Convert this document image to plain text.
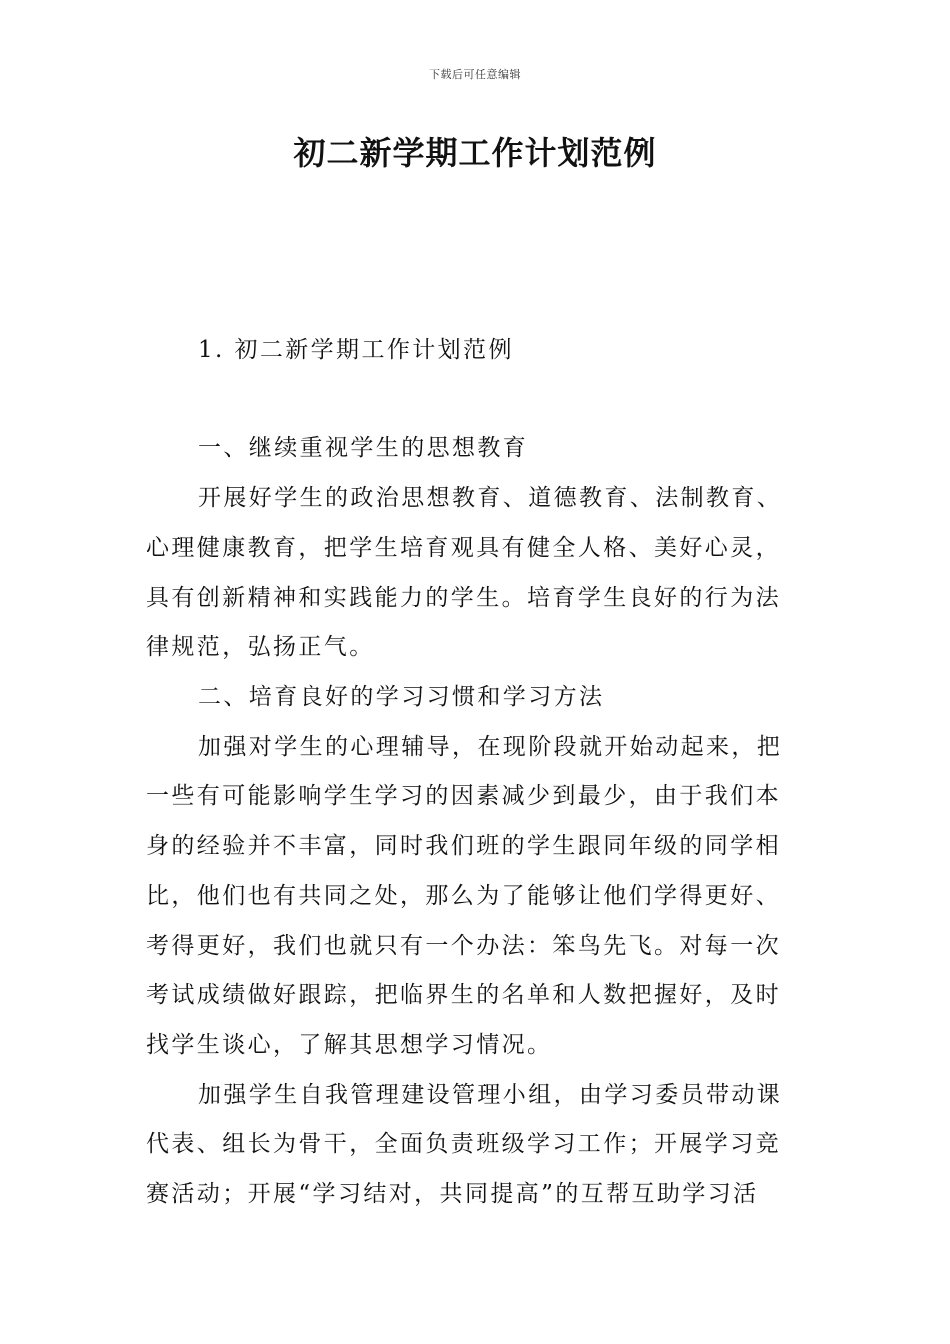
下载后可任意编辑
初二新学期工作计划范例
1. 初二新学期工作计划范例
一、继续重视学生的思想教育
开展好学生的政治思想教育、道德教育、法制教育、
心理健康教育，把学生培育观具有健全人格、美好心灵，
具有创新精神和实践能力的学生。培育学生良好的行为法
律规范，弘扬正气。
二、培育良好的学习习惯和学习方法
加强对学生的心理辅导，在现阶段就开始动起来，把
一些有可能影响学生学习的因素减少到最少，由于我们本
身的经验并不丰富，同时我们班的学生跟同年级的同学相
比，他们也有共同之处，那么为了能够让他们学得更好、
考得更好，我们也就只有一个办法：笨鸟先飞。对每一次
考试成绩做好跟踪，把临界生的名单和人数把握好，及时
找学生谈心，了解其思想学习情况。
加强学生自我管理建设管理小组，由学习委员带动课
代表、组长为骨干，全面负责班级学习工作；开展学习竞
赛活动；开展“学习结对，共同提高”的互帮互助学习活
